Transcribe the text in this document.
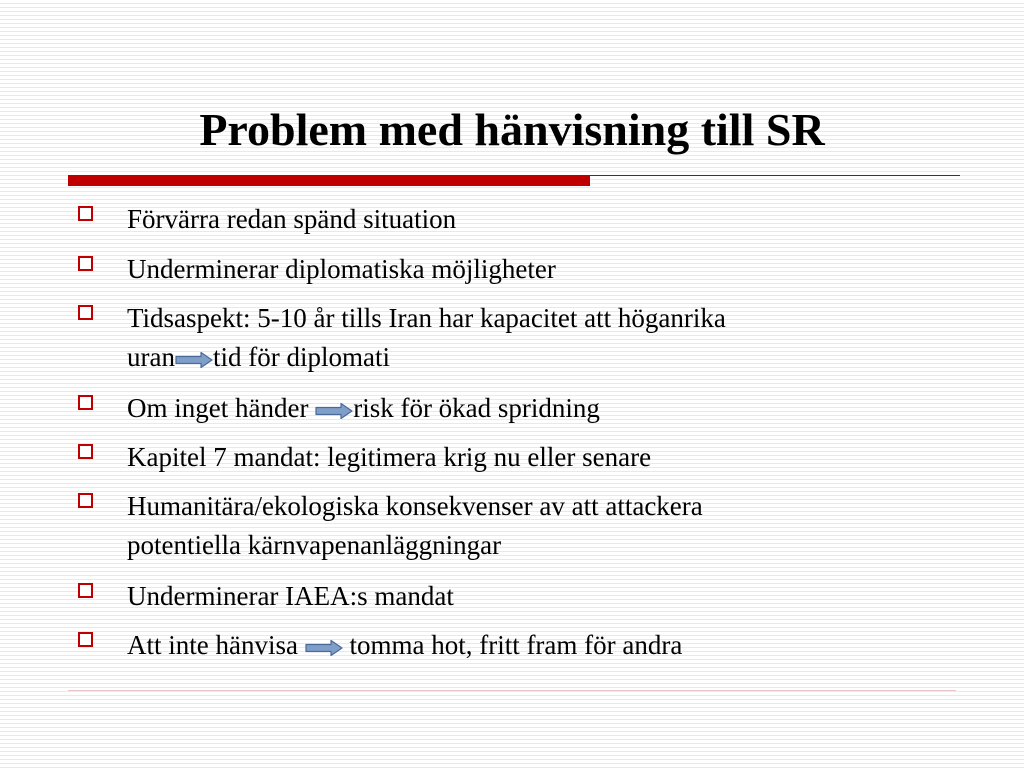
Problem med hänvisning till SR
Förvärra redan spänd situation
Underminerar diplomatiska möjligheter
Tidsaspekt: 5-10 år tills Iran har kapacitet att höganrika
uran tid för diplomati
Om inget händer risk för ökad spridning
Kapitel 7 mandat: legitimera krig nu eller senare
Humanitära/ekologiska konsekvenser av att attackera
potentiella kärnvapenanläggningar
Underminerar IAEA:s mandat
Att inte hänvisa  tomma hot, fritt fram för andra
